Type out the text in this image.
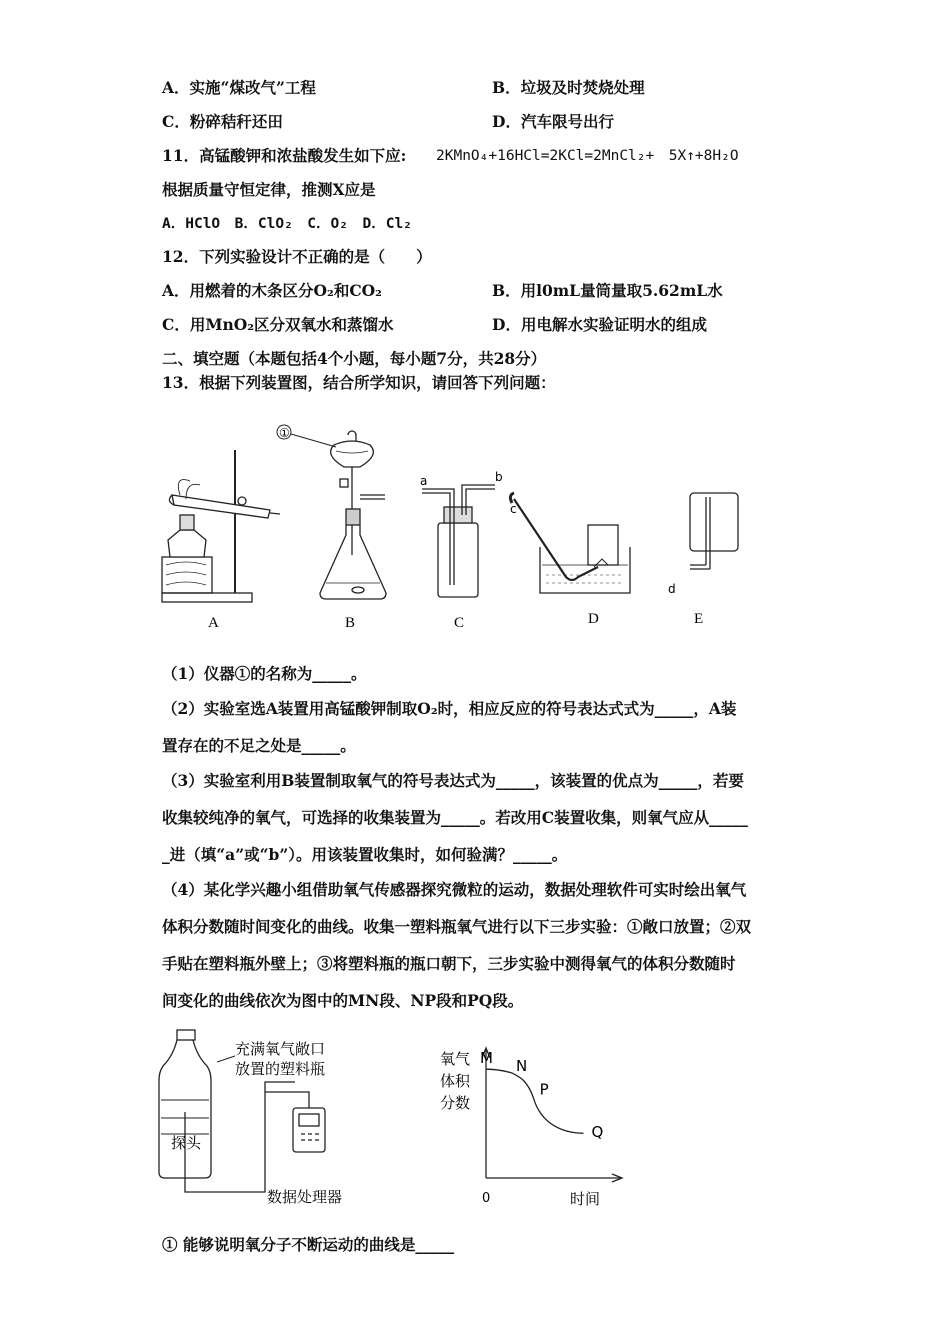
A．实施“煤改气”工程	B．垃圾及时焚烧处理
C．粉碎秸秆还田	D．汽车限号出行
11．高锰酸钾和浓盐酸发生如下应: 2KMnO₄+16HCl=2KCl=2MnCl₂+　5X↑+8H₂O
根据质量守恒定律，推测X应是
A．HClO　B．ClO₂　C．O₂　D．Cl₂
12．下列实验设计不正确的是（　　）
A．用燃着的木条区分O₂和CO₂	B．用l0mL量筒量取5.62mL水
C．用MnO₂区分双氧水和蒸馏水	D．用电解水实验证明水的组成
二、填空题（本题包括4个小题，每小题7分，共28分）
13．根据下列装置图，结合所学知识，请回答下列问题：
①
a	b
c
d
A	B	C	D	E
（1）仪器①的名称为_____。
（2）实验室选A装置用高锰酸钾制取O₂时，相应反应的符号表达式式为_____，A装
置存在的不足之处是_____。
（3）实验室利用B装置制取氧气的符号表达式为_____，该装置的优点为_____，若要
收集较纯净的氧气，可选择的收集装置为_____。若改用C装置收集，则氧气应从_____
_进（填“a”或“b”）。用该装置收集时，如何验满？_____。
（4）某化学兴趣小组借助氧气传感器探究微粒的运动，数据处理软件可实时绘出氧气
体积分数随时间变化的曲线。收集一塑料瓶氧气进行以下三步实验：①敞口放置；②双
手贴在塑料瓶外壁上；③将塑料瓶的瓶口朝下，三步实验中测得氧气的体积分数随时
间变化的曲线依次为图中的MN段、NP段和PQ段。
充满氧气敞口
放置的塑料瓶
探头
数据处理器
氧气
体积
分数
0	时间
M N
P
Q
① 能够说明氧分子不断运动的曲线是_____
